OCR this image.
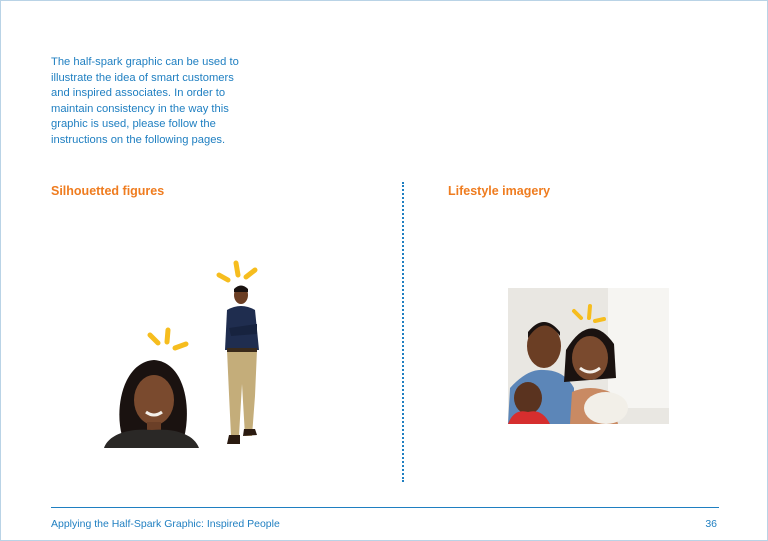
The half-spark graphic can be used to illustrate the idea of smart customers and inspired associates. In order to maintain consistency in the way this graphic is used, please follow the instructions on the following pages.

Silhouetted figures	Lifestyle imagery
Applying the Half-Spark Graphic: Inspired People	36
